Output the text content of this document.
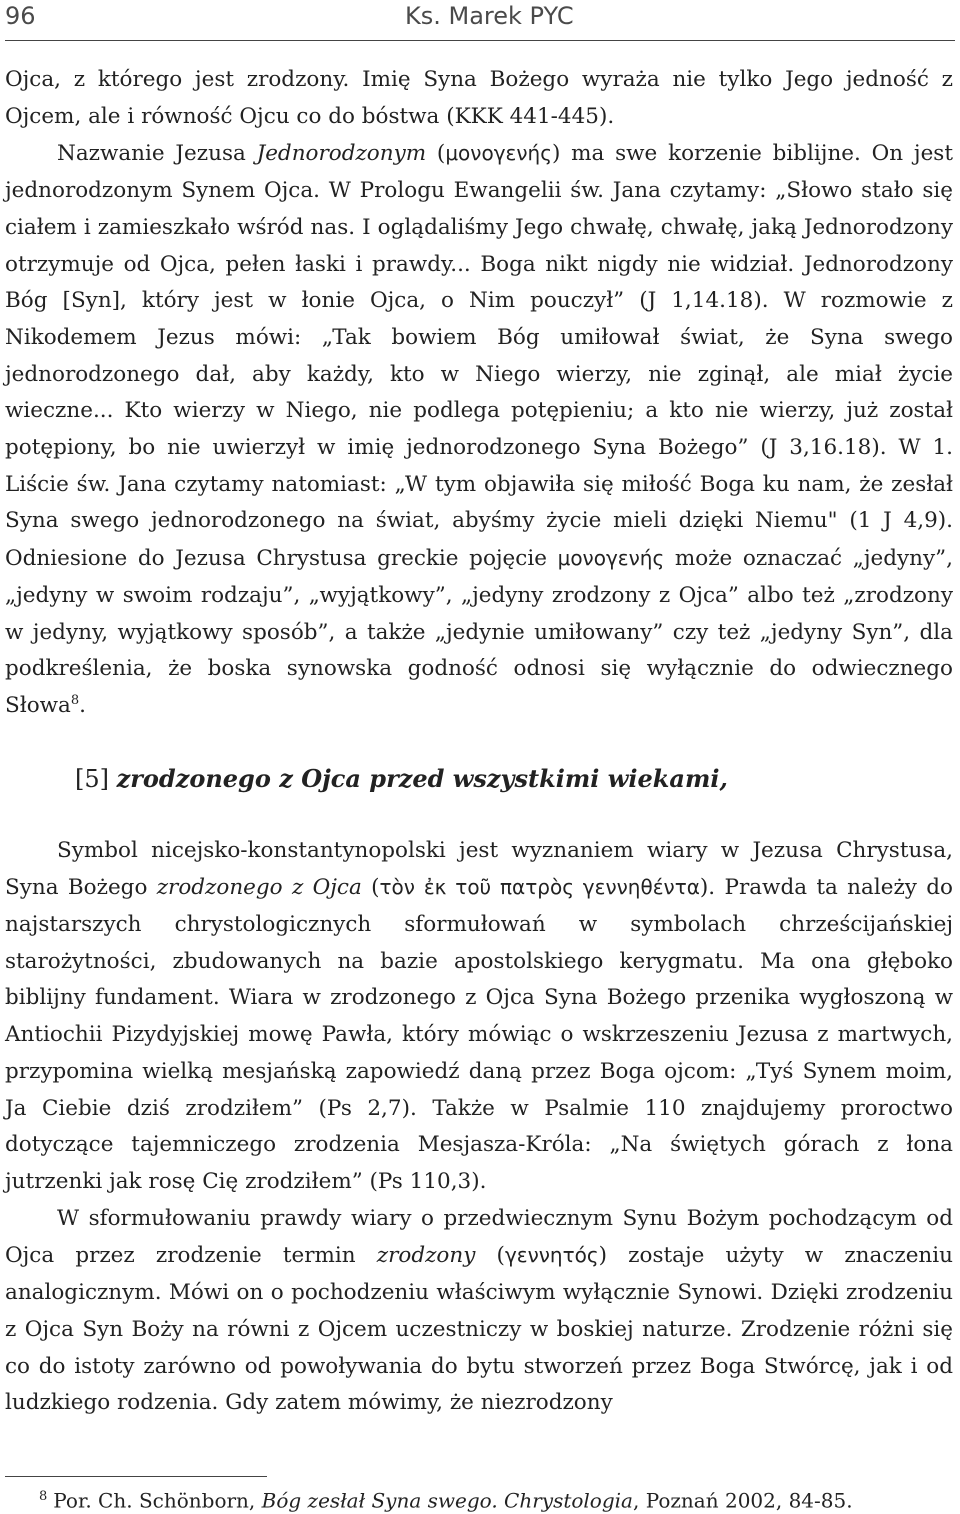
96	Ks. Marek PYC

Ojca, z którego jest zrodzony. Imię Syna Bożego wyraża nie tylko Jego jedność z Ojcem, ale i równość Ojcu co do bóstwa (KKK 441-445).

Nazwanie Jezusa Jednorodzonym (μονογενής) ma swe korzenie biblijne. On jest jednorodzonym Synem Ojca. W Prologu Ewangelii św. Jana czytamy: „Słowo stało się ciałem i zamieszkało wśród nas. I oglądaliśmy Jego chwałę, chwałę, jaką Jednorodzony otrzymuje od Ojca, pełen łaski i prawdy... Boga nikt nigdy nie widział. Jednorodzony Bóg [Syn], który jest w łonie Ojca, o Nim pouczył” (J 1,14.18). W rozmowie z Nikodemem Jezus mówi: „Tak bowiem Bóg umiłował świat, że Syna swego jednorodzonego dał, aby każdy, kto w Niego wierzy, nie zginął, ale miał życie wieczne... Kto wierzy w Niego, nie podlega potępieniu; a kto nie wierzy, już został potępiony, bo nie uwierzył w imię jednorodzonego Syna Bożego” (J 3,16.18). W 1. Liście św. Jana czytamy natomiast: „W tym objawiła się miłość Boga ku nam, że zesłał Syna swego jednorodzonego na świat, abyśmy życie mieli dzięki Niemu" (1 J 4,9). Odniesione do Jezusa Chrystusa greckie pojęcie μονογενής może oznaczać „jedyny”, „jedyny w swoim rodzaju”, „wyjątkowy”, „jedyny zrodzony z Ojca” albo też „zrodzony w jedyny, wyjątkowy sposób”, a także „jedynie umiłowany” czy też „jedyny Syn”, dla podkreślenia, że boska synowska godność odnosi się wyłącznie do odwiecznego Słowa$^8$.

[5] zrodzonego z Ojca przed wszystkimi wiekami,

Symbol nicejsko-konstantynopolski jest wyznaniem wiary w Jezusa Chrystusa, Syna Bożego zrodzonego z Ojca (τὸν ἐκ τοῦ πατρὸς γεννηθέντα). Prawda ta należy do najstarszych chrystologicznych sformułowań w symbolach chrześcijańskiej starożytności, zbudowanych na bazie apostolskiego kerygmatu. Ma ona głęboko biblijny fundament. Wiara w zrodzonego z Ojca Syna Bożego przenika wygłoszoną w Antiochii Pizydyjskiej mowę Pawła, który mówiąc o wskrzeszeniu Jezusa z martwych, przypomina wielką mesjańską zapowiedź daną przez Boga ojcom: „Tyś Synem moim, Ja Ciebie dziś zrodziłem” (Ps 2,7). Także w Psalmie 110 znajdujemy proroctwo dotyczące tajemniczego zrodzenia Mesjasza-Króla: „Na świętych górach z łona jutrzenki jak rosę Cię zrodziłem” (Ps 110,3).

W sformułowaniu prawdy wiary o przedwiecznym Synu Bożym pochodzącym od Ojca przez zrodzenie termin zrodzony (γεννητός) zostaje użyty w znaczeniu analogicznym. Mówi on o pochodzeniu właściwym wyłącznie Synowi. Dzięki zrodzeniu z Ojca Syn Boży na równi z Ojcem uczestniczy w boskiej naturze. Zrodzenie różni się co do istoty zarówno od powoływania do bytu stworzeń przez Boga Stwórcę, jak i od ludzkiego rodzenia. Gdy zatem mówimy, że niezrodzony

$^8$ Por. Ch. Schönborn, Bóg zesłał Syna swego. Chrystologia, Poznań 2002, 84-85.
